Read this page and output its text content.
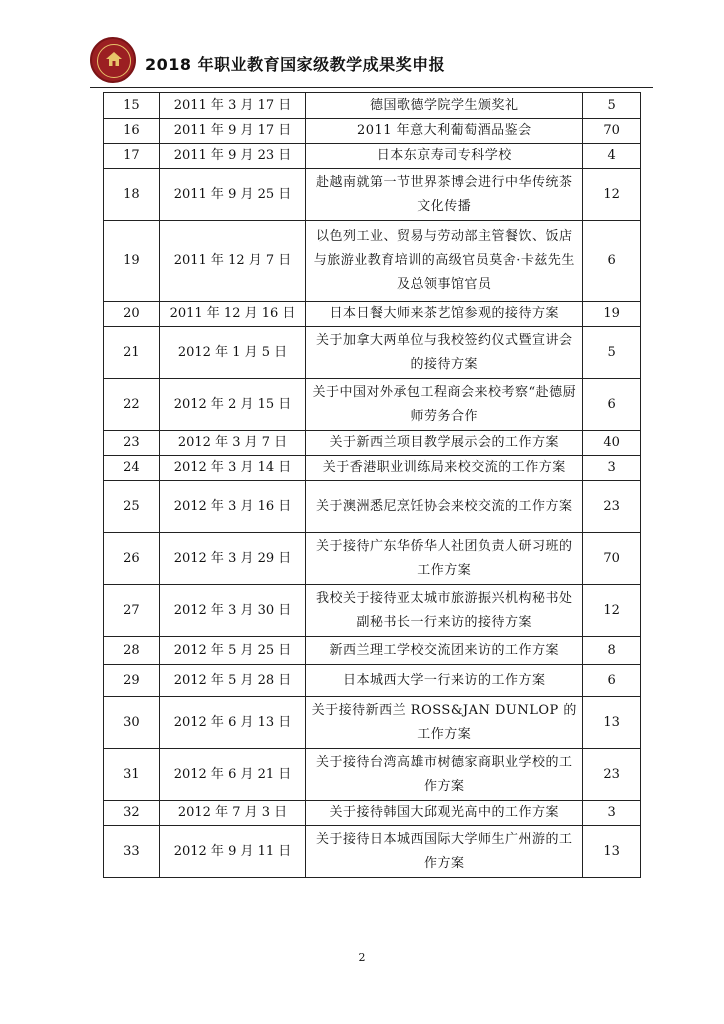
2018 年职业教育国家级教学成果奖申报
15	2011 年 3 月 17 日	德国歌德学院学生颁奖礼	5
16	2011 年 9 月 17 日	2011 年意大利葡萄酒品鉴会	70
17	2011 年 9 月 23 日	日本东京寿司专科学校	4
18	2011 年 9 月 25 日	赴越南就第一节世界茶博会进行中华传统茶文化传播	12
19	2011 年 12 月 7 日	以色列工业、贸易与劳动部主管餐饮、饭店与旅游业教育培训的高级官员莫舍·卡兹先生及总领事馆官员	6
20	2011 年 12 月 16 日	日本日餐大师来茶艺馆参观的接待方案	19
21	2012 年 1 月 5 日	关于加拿大两单位与我校签约仪式暨宣讲会的接待方案	5
22	2012 年 2 月 15 日	关于中国对外承包工程商会来校考察“赴德厨师劳务合作	6
23	2012 年 3 月 7 日	关于新西兰项目教学展示会的工作方案	40
24	2012 年 3 月 14 日	关于香港职业训练局来校交流的工作方案	3
25	2012 年 3 月 16 日	关于澳洲悉尼烹饪协会来校交流的工作方案	23
26	2012 年 3 月 29 日	关于接待广东华侨华人社团负责人研习班的工作方案	70
27	2012 年 3 月 30 日	我校关于接待亚太城市旅游振兴机构秘书处副秘书长一行来访的接待方案	12
28	2012 年 5 月 25 日	新西兰理工学校交流团来访的工作方案	8
29	2012 年 5 月 28 日	日本城西大学一行来访的工作方案	6
30	2012 年 6 月 13 日	关于接待新西兰 ROSS&JAN DUNLOP 的工作方案	13
31	2012 年 6 月 21 日	关于接待台湾高雄市树德家商职业学校的工作方案	23
32	2012 年 7 月 3 日	关于接待韩国大邱观光高中的工作方案	3
33	2012 年 9 月 11 日	关于接待日本城西国际大学师生广州游的工作方案	13
2
